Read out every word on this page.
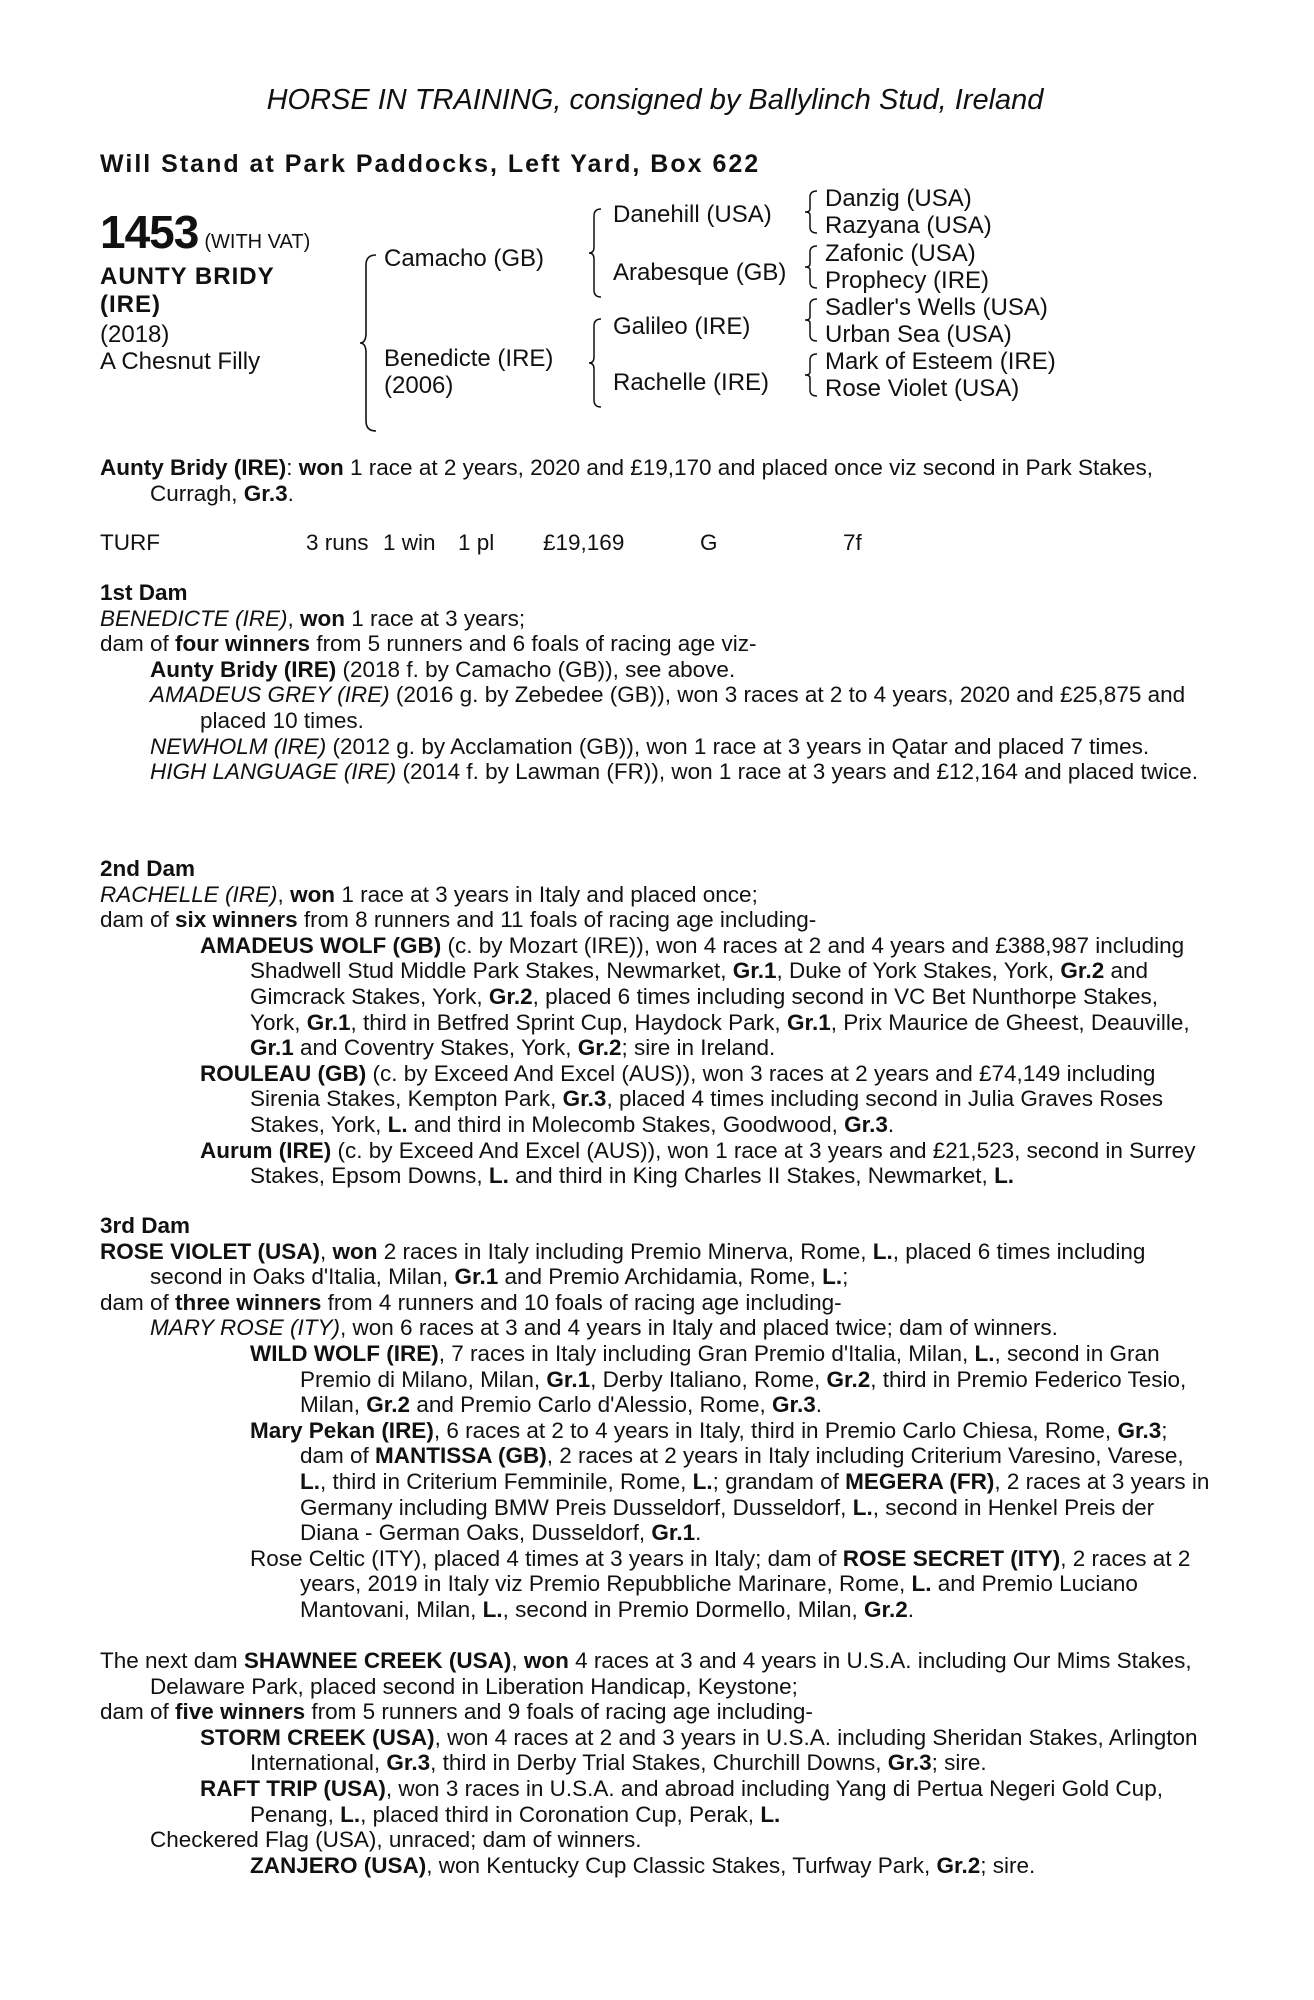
HORSE IN TRAINING, consigned by Ballylinch Stud, Ireland
Will Stand at Park Paddocks, Left Yard, Box 622
1453 (WITH VAT)
AUNTY BRIDY
(IRE)
(2018)
A Chesnut Filly
Camacho (GB)
Benedicte (IRE)
(2006)
Danehill (USA)
Arabesque (GB)
Galileo (IRE)
Rachelle (IRE)
Danzig (USA)
Razyana (USA)
Zafonic (USA)
Prophecy (IRE)
Sadler's Wells (USA)
Urban Sea (USA)
Mark of Esteem (IRE)
Rose Violet (USA)

Aunty Bridy (IRE): won 1 race at 2 years, 2020 and £19,170 and placed once viz second in Park Stakes, Curragh, Gr.3.

TURF	3 runs 1 win 1 pl £19,169	G	7f

1st Dam

BENEDICTE (IRE), won 1 race at 3 years;

dam of four winners from 5 runners and 6 foals of racing age viz-

Aunty Bridy (IRE) (2018 f. by Camacho (GB)), see above.

AMADEUS GREY (IRE) (2016 g. by Zebedee (GB)), won 3 races at 2 to 4 years, 2020 and £25,875 and placed 10 times.

NEWHOLM (IRE) (2012 g. by Acclamation (GB)), won 1 race at 3 years in Qatar and placed 7 times.

HIGH LANGUAGE (IRE) (2014 f. by Lawman (FR)), won 1 race at 3 years and £12,164 and placed twice.

2nd Dam

RACHELLE (IRE), won 1 race at 3 years in Italy and placed once;

dam of six winners from 8 runners and 11 foals of racing age including-

AMADEUS WOLF (GB) (c. by Mozart (IRE)), won 4 races at 2 and 4 years and £388,987 including Shadwell Stud Middle Park Stakes, Newmarket, Gr.1, Duke of York Stakes, York, Gr.2 and Gimcrack Stakes, York, Gr.2, placed 6 times including second in VC Bet Nunthorpe Stakes, York, Gr.1, third in Betfred Sprint Cup, Haydock Park, Gr.1, Prix Maurice de Gheest, Deauville, Gr.1 and Coventry Stakes, York, Gr.2; sire in Ireland.

ROULEAU (GB) (c. by Exceed And Excel (AUS)), won 3 races at 2 years and £74,149 including Sirenia Stakes, Kempton Park, Gr.3, placed 4 times including second in Julia Graves Roses Stakes, York, L. and third in Molecomb Stakes, Goodwood, Gr.3.

Aurum (IRE) (c. by Exceed And Excel (AUS)), won 1 race at 3 years and £21,523, second in Surrey Stakes, Epsom Downs, L. and third in King Charles II Stakes, Newmarket, L.

3rd Dam

ROSE VIOLET (USA), won 2 races in Italy including Premio Minerva, Rome, L., placed 6 times including second in Oaks d'Italia, Milan, Gr.1 and Premio Archidamia, Rome, L.;

dam of three winners from 4 runners and 10 foals of racing age including-

MARY ROSE (ITY), won 6 races at 3 and 4 years in Italy and placed twice; dam of winners.

WILD WOLF (IRE), 7 races in Italy including Gran Premio d'Italia, Milan, L., second in Gran Premio di Milano, Milan, Gr.1, Derby Italiano, Rome, Gr.2, third in Premio Federico Tesio, Milan, Gr.2 and Premio Carlo d'Alessio, Rome, Gr.3.

Mary Pekan (IRE), 6 races at 2 to 4 years in Italy, third in Premio Carlo Chiesa, Rome, Gr.3; dam of MANTISSA (GB), 2 races at 2 years in Italy including Criterium Varesino, Varese, L., third in Criterium Femminile, Rome, L.; grandam of MEGERA (FR), 2 races at 3 years in Germany including BMW Preis Dusseldorf, Dusseldorf, L., second in Henkel Preis der Diana - German Oaks, Dusseldorf, Gr.1.

Rose Celtic (ITY), placed 4 times at 3 years in Italy; dam of ROSE SECRET (ITY), 2 races at 2 years, 2019 in Italy viz Premio Repubbliche Marinare, Rome, L. and Premio Luciano Mantovani, Milan, L., second in Premio Dormello, Milan, Gr.2.

The next dam SHAWNEE CREEK (USA), won 4 races at 3 and 4 years in U.S.A. including Our Mims Stakes, Delaware Park, placed second in Liberation Handicap, Keystone;

dam of five winners from 5 runners and 9 foals of racing age including-

STORM CREEK (USA), won 4 races at 2 and 3 years in U.S.A. including Sheridan Stakes, Arlington International, Gr.3, third in Derby Trial Stakes, Churchill Downs, Gr.3; sire.

RAFT TRIP (USA), won 3 races in U.S.A. and abroad including Yang di Pertua Negeri Gold Cup, Penang, L., placed third in Coronation Cup, Perak, L.

Checkered Flag (USA), unraced; dam of winners.

ZANJERO (USA), won Kentucky Cup Classic Stakes, Turfway Park, Gr.2; sire.
